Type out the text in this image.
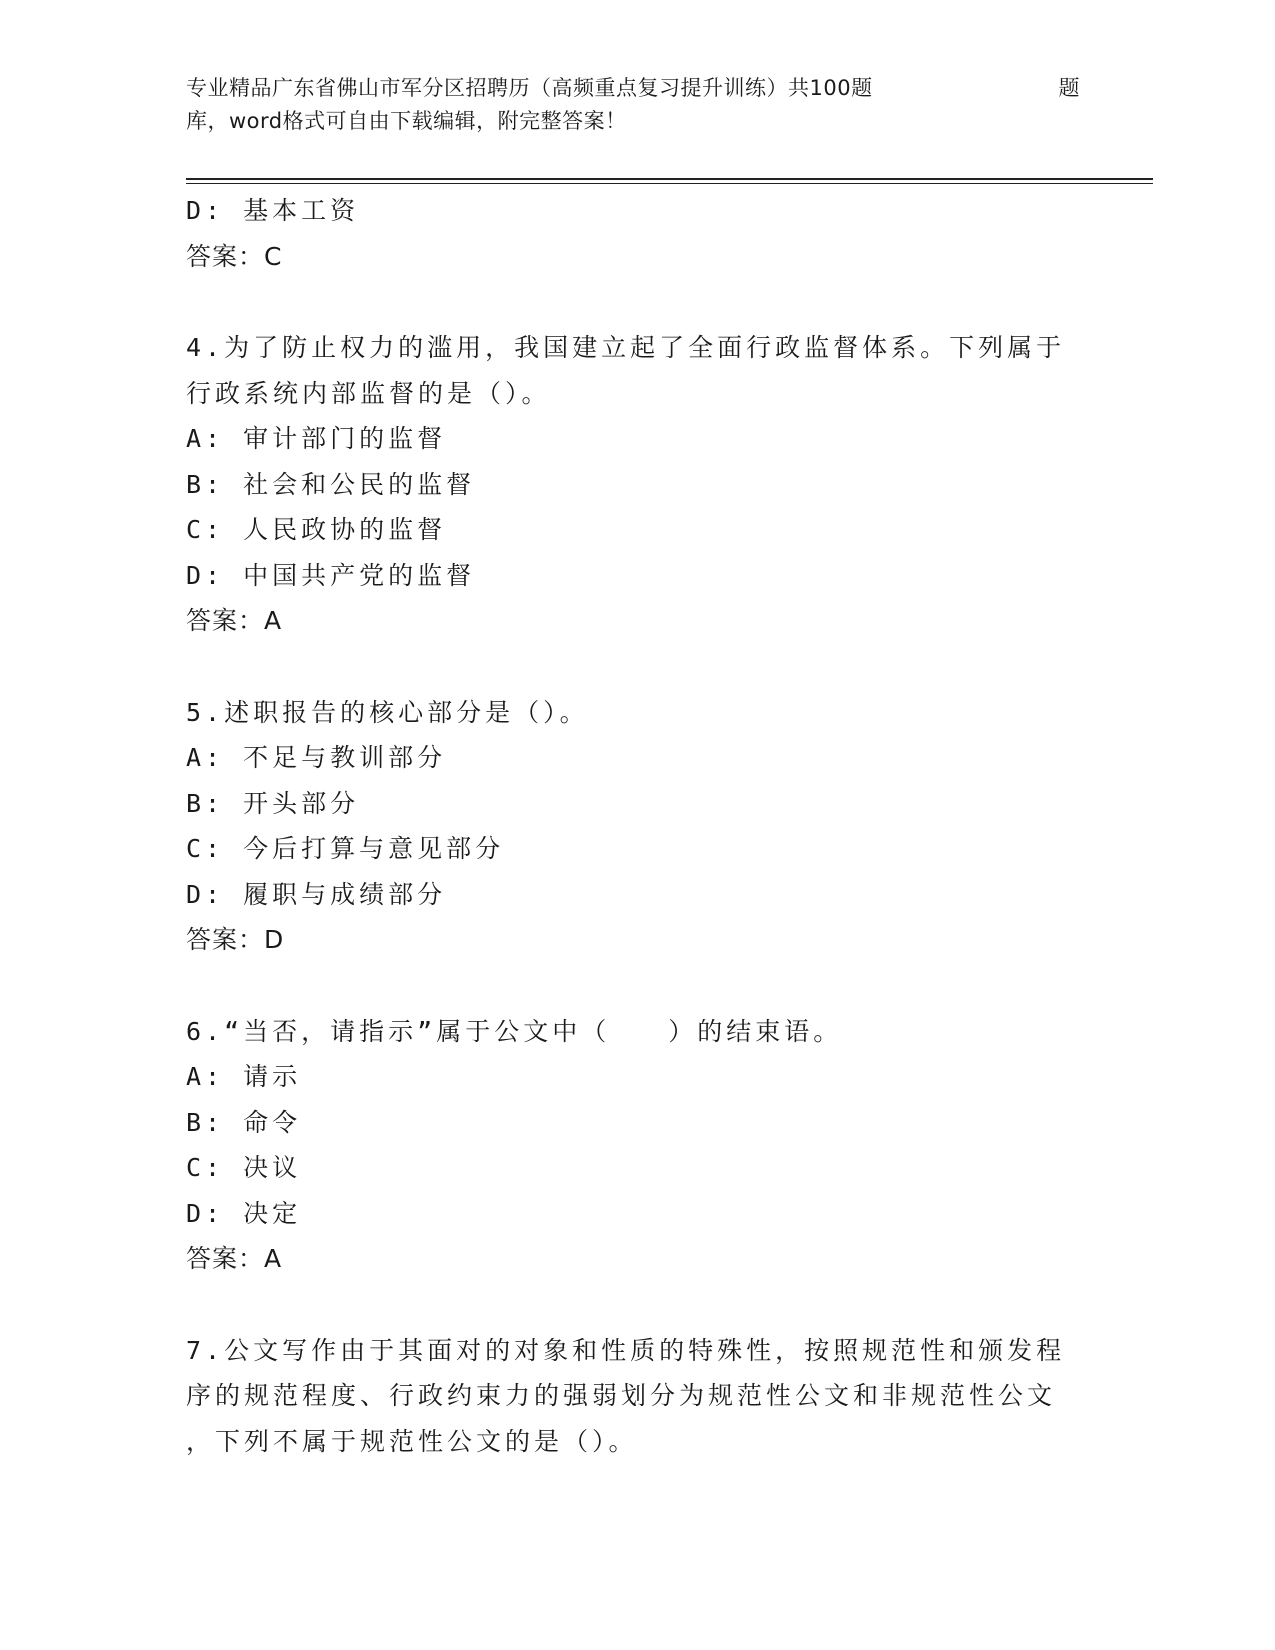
专业精品广东省佛山市军分区招聘历（高频重点复习提升训练）共100题	题
库，word格式可自由下载编辑，附完整答案！
D: 基本工资
答案：C
4.为了防止权力的滥用，我国建立起了全面行政监督体系。下列属于
行政系统内部监督的是（）。
A: 审计部门的监督
B: 社会和公民的监督
C: 人民政协的监督
D: 中国共产党的监督
答案：A
5.述职报告的核心部分是（）。
A: 不足与教训部分
B: 开头部分
C: 今后打算与意见部分
D: 履职与成绩部分
答案：D
6.“当否，请指示”属于公文中（　　）的结束语。
A: 请示
B: 命令
C: 决议
D: 决定
答案：A
7.公文写作由于其面对的对象和性质的特殊性，按照规范性和颁发程
序的规范程度、行政约束力的强弱划分为规范性公文和非规范性公文
，下列不属于规范性公文的是（）。
